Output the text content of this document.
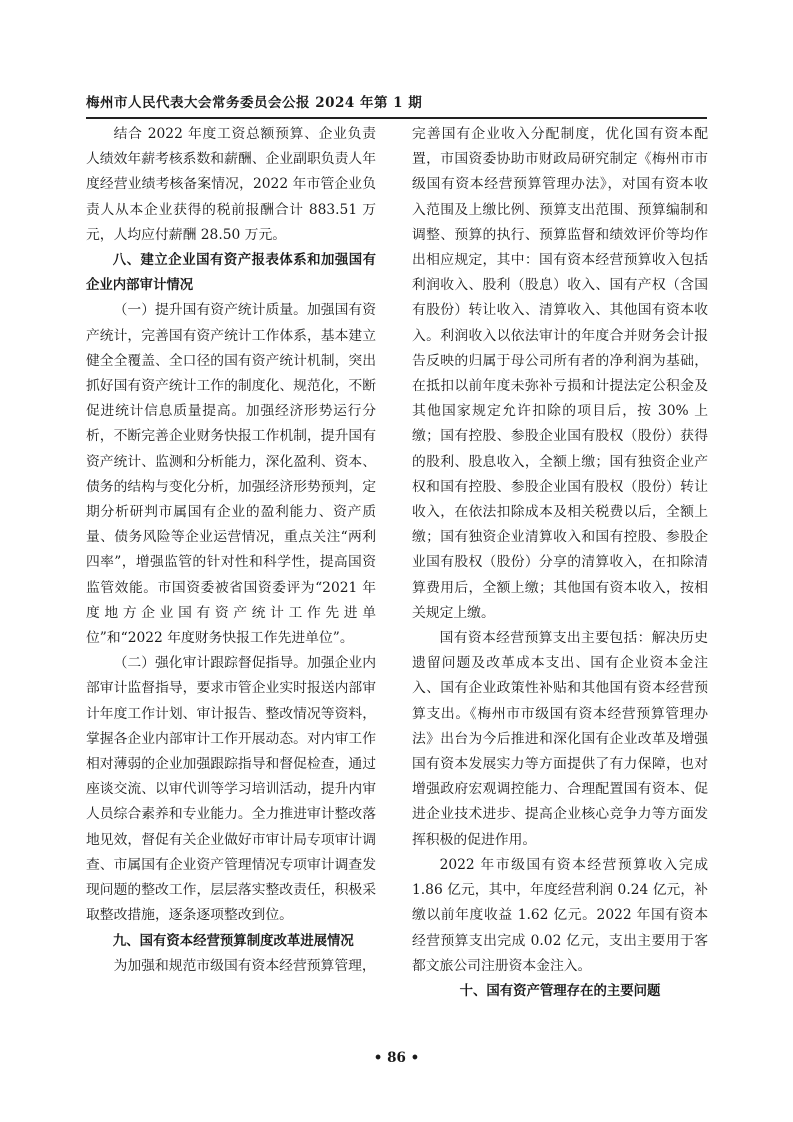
梅州市人民代表大会常务委员会公报 2024 年第 1 期

结合 2022 年度工资总额预算、企业负责人绩效年薪考核系数和薪酬、企业副职负责人年度经营业绩考核备案情况，2022 年市管企业负责人从本企业获得的税前报酬合计 883.51 万元，人均应付薪酬 28.50 万元。

八、建立企业国有资产报表体系和加强国有企业内部审计情况

（一）提升国有资产统计质量。加强国有资产统计，完善国有资产统计工作体系，基本建立健全全覆盖、全口径的国有资产统计机制，突出抓好国有资产统计工作的制度化、规范化，不断促进统计信息质量提高。加强经济形势运行分析，不断完善企业财务快报工作机制，提升国有资产统计、监测和分析能力，深化盈利、资本、债务的结构与变化分析，加强经济形势预判，定期分析研判市属国有企业的盈利能力、资产质量、债务风险等企业运营情况，重点关注“两利四率”，增强监管的针对性和科学性，提高国资监管效能。市国资委被省国资委评为“2021 年度地方企业国有资产统计工作先进单位”和“2022 年度财务快报工作先进单位”。

（二）强化审计跟踪督促指导。加强企业内部审计监督指导，要求市管企业实时报送内部审计年度工作计划、审计报告、整改情况等资料，掌握各企业内部审计工作开展动态。对内审工作相对薄弱的企业加强跟踪指导和督促检查，通过座谈交流、以审代训等学习培训活动，提升内审人员综合素养和专业能力。全力推进审计整改落地见效，督促有关企业做好市审计局专项审计调查、市属国有企业资产管理情况专项审计调查发现问题的整改工作，层层落实整改责任，积极采取整改措施，逐条逐项整改到位。

九、国有资本经营预算制度改革进展情况

为加强和规范市级国有资本经营预算管理，

完善国有企业收入分配制度，优化国有资本配置，市国资委协助市财政局研究制定《梅州市市级国有资本经营预算管理办法》，对国有资本收入范围及上缴比例、预算支出范围、预算编制和调整、预算的执行、预算监督和绩效评价等均作出相应规定，其中：国有资本经营预算收入包括利润收入、股利（股息）收入、国有产权（含国有股份）转让收入、清算收入、其他国有资本收入。利润收入以依法审计的年度合并财务会计报告反映的归属于母公司所有者的净利润为基础，在抵扣以前年度未弥补亏损和计提法定公积金及其他国家规定允许扣除的项目后，按 30% 上缴；国有控股、参股企业国有股权（股份）获得的股利、股息收入，全额上缴；国有独资企业产权和国有控股、参股企业国有股权（股份）转让收入，在依法扣除成本及相关税费以后，全额上缴；国有独资企业清算收入和国有控股、参股企业国有股权（股份）分享的清算收入，在扣除清算费用后，全额上缴；其他国有资本收入，按相关规定上缴。

国有资本经营预算支出主要包括：解决历史遗留问题及改革成本支出、国有企业资本金注入、国有企业政策性补贴和其他国有资本经营预算支出。《梅州市市级国有资本经营预算管理办法》出台为今后推进和深化国有企业改革及增强国有资本发展实力等方面提供了有力保障，也对增强政府宏观调控能力、合理配置国有资本、促进企业技术进步、提高企业核心竞争力等方面发挥积极的促进作用。

2022 年市级国有资本经营预算收入完成 1.86 亿元，其中，年度经营利润 0.24 亿元，补缴以前年度收益 1.62 亿元。2022 年国有资本经营预算支出完成 0.02 亿元，支出主要用于客都文旅公司注册资本金注入。

十、国有资产管理存在的主要问题

• 86 •
